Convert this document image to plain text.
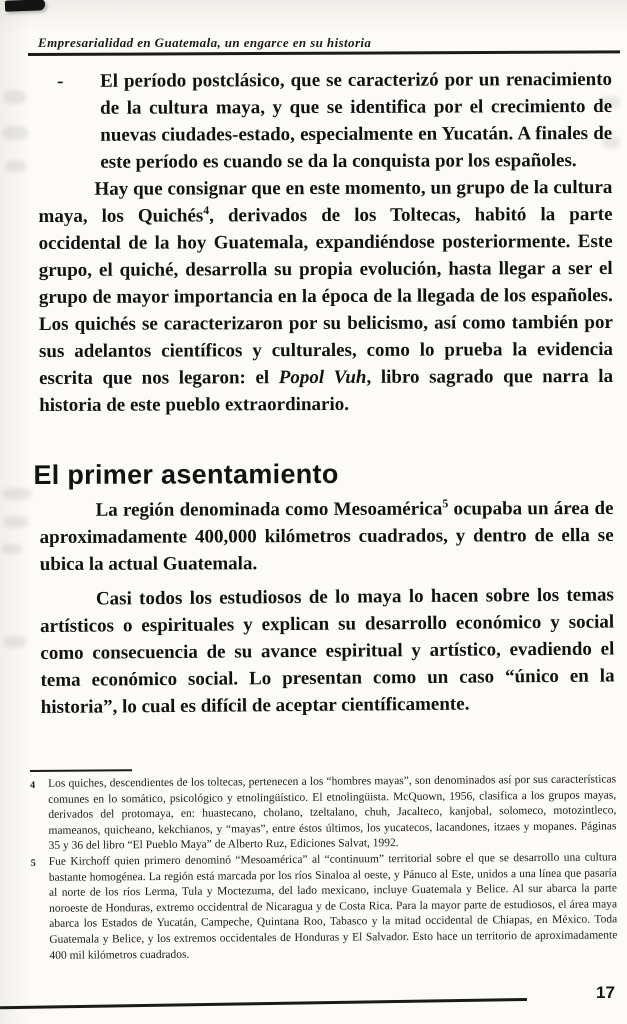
Empresarialidad en Guatemala, un engarce en su historia
-	El período postclásico, que se caracterizó por un renacimiento de la cultura maya, y que se identifica por el crecimiento de nuevas ciudades-estado, especialmente en Yucatán. A finales de este período es cuando se da la conquista por los españoles.

Hay que consignar que en este momento, un grupo de la cultura maya, los Quichés$^4$, derivados de los Toltecas, habitó la parte occidental de la hoy Guatemala, expandiéndose posteriormente. Este grupo, el quiché, desarrolla su propia evolución, hasta llegar a ser el grupo de mayor importancia en la época de la llegada de los españoles. Los quichés se caracterizaron por su belicismo, así como también por sus adelantos científicos y culturales, como lo prueba la evidencia escrita que nos legaron: el Popol Vuh, libro sagrado que narra la historia de este pueblo extraordinario.

El primer asentamiento

La región denominada como Mesoamérica$^5$ ocupaba un área de aproximadamente 400,000 kilómetros cuadrados, y dentro de ella se ubica la actual Guatemala.

Casi todos los estudiosos de lo maya lo hacen sobre los temas artísticos o espirituales y explican su desarrollo económico y social como consecuencia de su avance espiritual y artístico, evadiendo el tema económico social. Lo presentan como un caso “único en la historia”, lo cual es difícil de aceptar científicamente.

4	Los quiches, descendientes de los toltecas, pertenecen a los “hombres mayas”, son denominados así por sus características comunes en lo somático, psicológico y etnolingüístico. El etnolingüista. McQuown, 1956, clasifica a los grupos mayas, derivados del protomaya, en: huastecano, cholano, tzeltalano, chuh, Jacalteco, kanjobal, solomeco, motozintleco, mameanos, quicheano, kekchianos, y “mayas”, entre éstos últimos, los yucatecos, lacandones, itzaes y mopanes. Páginas 35 y 36 del libro “El Pueblo Maya” de Alberto Ruz, Ediciones Salvat, 1992.

5	Fue Kirchoff quien primero denominó “Mesoamérica” al “continuum” territorial sobre el que se desarrollo una cultura bastante homogénea. La región está marcada por los ríos Sinaloa al oeste, y Pánuco al Este, unidos a una línea que pasaría al norte de los ríos Lerma, Tula y Moctezuma, del lado mexicano, incluye Guatemala y Belice. Al sur abarca la parte noroeste de Honduras, extremo occidentral de Nicaragua y de Costa Rica. Para la mayor parte de estudiosos, el área maya abarca los Estados de Yucatán, Campeche, Quintana Roo, Tabasco y la mitad occidental de Chiapas, en México. Toda Guatemala y Belice, y los extremos occidentales de Honduras y El Salvador. Esto hace un territorio de aproximadamente 400 mil kilómetros cuadrados.

17
